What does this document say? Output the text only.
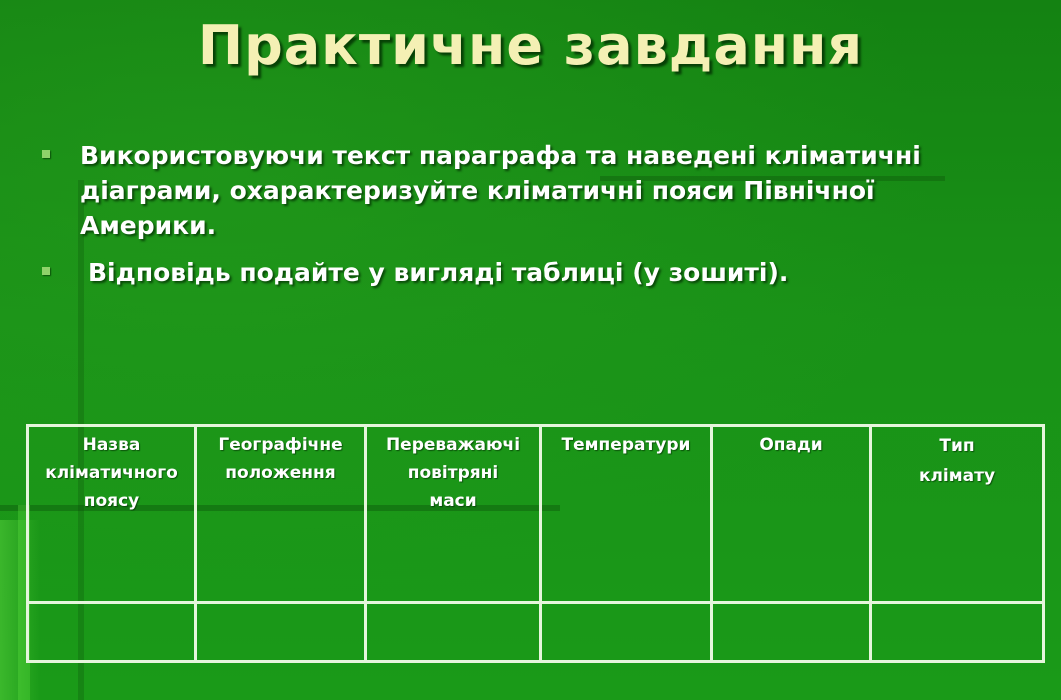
Практичне завдання
Використовуючи текст параграфа та наведені кліматичні діаграми, охарактеризуйте кліматичні пояси Північної Америки.
Відповідь подайте у вигляді таблиці (у зошиті).
Назва
кліматичного
поясу	Географічне
положення	Переважаючі
повітряні
маси	Температури	Опади	Тип
клімату
